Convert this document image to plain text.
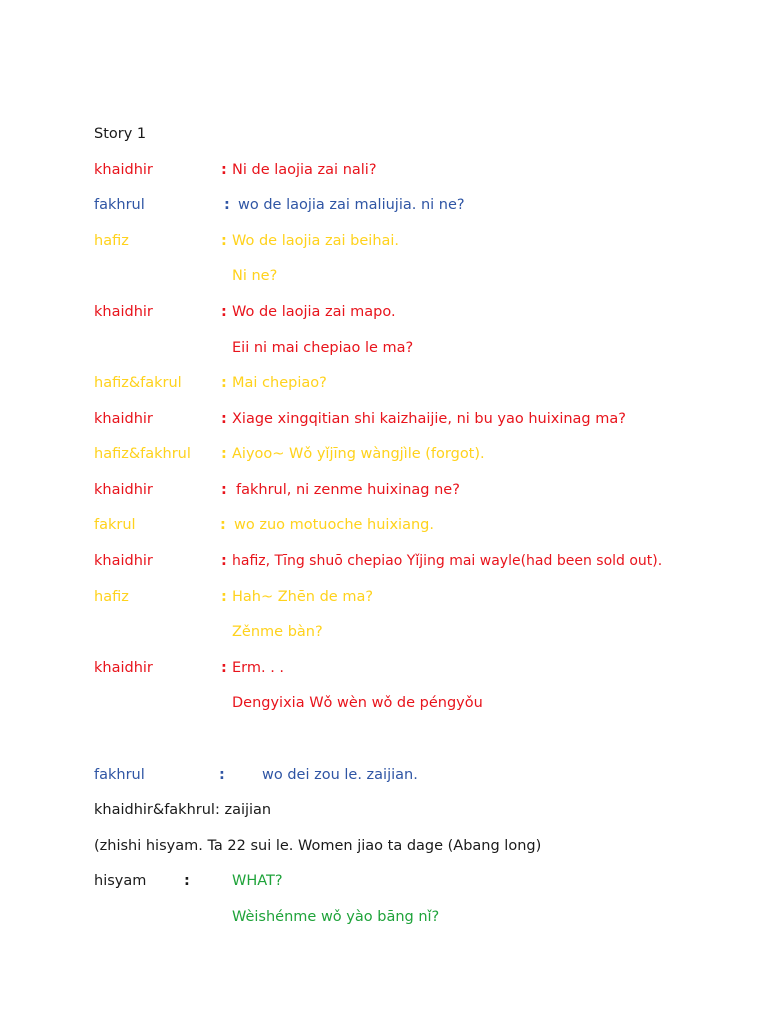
Story 1
khaidhir	: Ni de laojia zai nali?
fakhrul	: wo de laojia zai maliujia. ni ne?
hafiz	: Wo de laojia zai beihai.
Ni ne?
khaidhir	: Wo de laojia zai mapo.
Eii ni mai chepiao le ma?
hafiz&fakrul	: Mai chepiao?
khaidhir	: Xiage xingqitian shi kaizhaijie, ni bu yao huixinag ma?
hafiz&fakhrul : Aiyoo~ Wǒ yǐjīng wàngjìle (forgot).
khaidhir	: fakhrul, ni zenme huixinag ne?
fakrul	: wo zuo motuoche huixiang.
khaidhir	: hafiz, Tīng shuō chepiao Yǐjing mai wayle(had been sold out).
hafiz	: Hah~ Zhēn de ma?
Zěnme bàn?
khaidhir	: Erm. . .
Dengyixia Wǒ wèn wǒ de péngyǒu
fakhrul	:	wo dei zou le. zaijian.
khaidhir&fakhrul: zaijian
(zhishi hisyam. Ta 22 sui le. Women jiao ta dage (Abang long)
hisyam	:	WHAT?
Wèishénme wǒ yào bāng nǐ?
